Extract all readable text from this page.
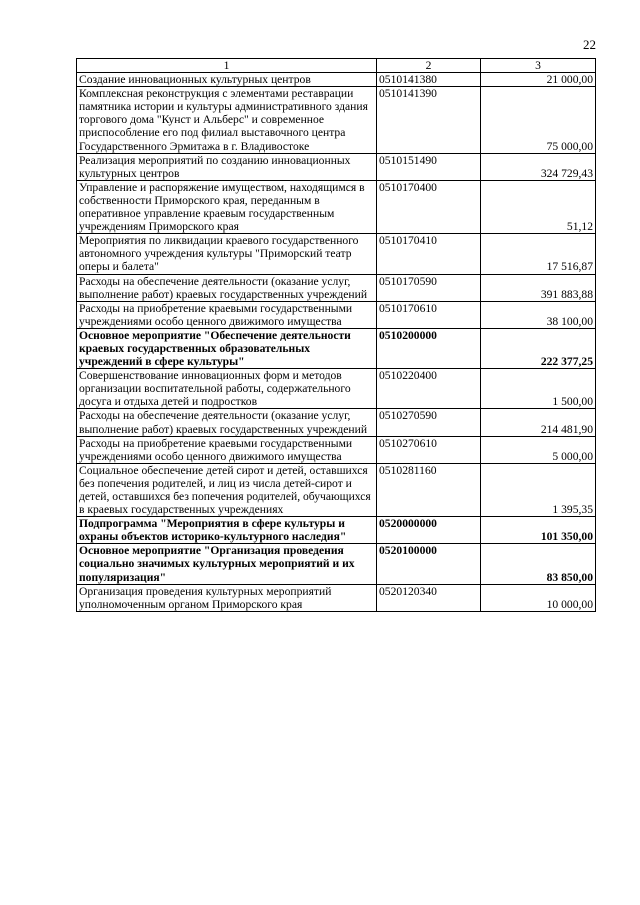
22
1	2	3
Создание инновационных культурных центров	0510141380	21 000,00
Комплексная реконструкция с элементами реставрации памятника истории и культуры административного здания торгового дома "Кунст и Альберс" и современное приспособление его под филиал выставочного центра Государственного Эрмитажа в г. Владивостоке	0510141390	75 000,00
Реализация мероприятий по созданию инновационных культурных центров	0510151490	324 729,43
Управление и распоряжение имуществом, находящимся в собственности Приморского края, переданным в оперативное управление краевым государственным учреждениям Приморского края	0510170400	51,12
Мероприятия по ликвидации краевого государственного автономного учреждения культуры "Приморский театр оперы и балета"	0510170410	17 516,87
Расходы на обеспечение деятельности (оказание услуг, выполнение работ) краевых государственных учреждений	0510170590	391 883,88
Расходы на приобретение краевыми государственными учреждениями особо ценного движимого имущества	0510170610	38 100,00
Основное мероприятие "Обеспечение деятельности краевых государственных образовательных учреждений в сфере культуры"	0510200000	222 377,25
Совершенствование инновационных форм и методов организации воспитательной работы, содержательного досуга и отдыха детей и подростков	0510220400	1 500,00
Расходы на обеспечение деятельности (оказание услуг, выполнение работ) краевых государственных учреждений	0510270590	214 481,90
Расходы на приобретение краевыми государственными учреждениями особо ценного движимого имущества	0510270610	5 000,00
Социальное обеспечение детей сирот и детей, оставшихся без попечения родителей, и лиц из числа детей-сирот и детей, оставшихся без попечения родителей, обучающихся в краевых государственных учреждениях	0510281160	1 395,35
Подпрограмма "Мероприятия в сфере культуры и охраны объектов историко-культурного наследия"	0520000000	101 350,00
Основное мероприятие "Организация проведения социально значимых культурных мероприятий и их популяризация"	0520100000	83 850,00
Организация проведения культурных мероприятий уполномоченным органом Приморского края	0520120340	10 000,00
